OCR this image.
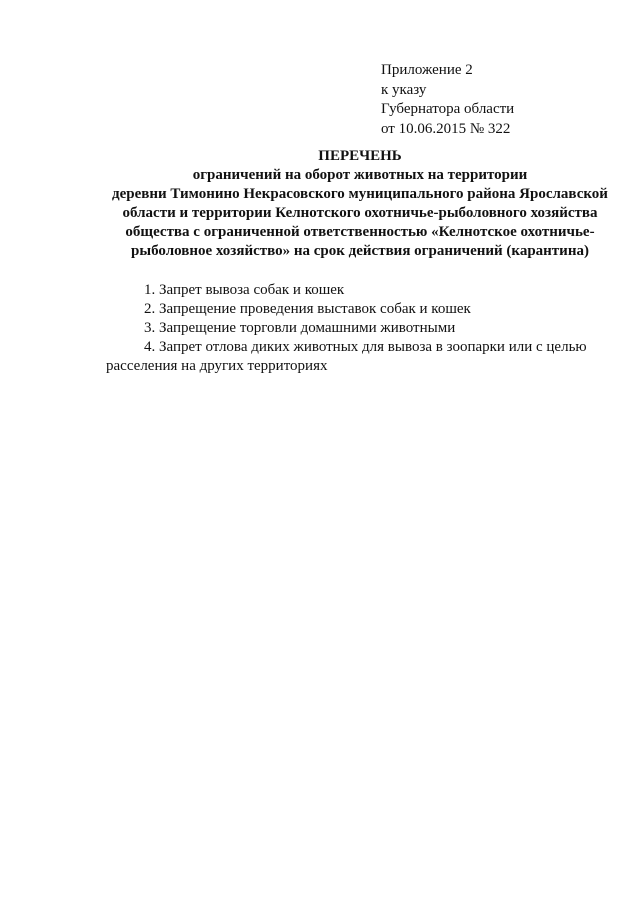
Приложение 2
к указу
Губернатора области
от 10.06.2015 № 322
ПЕРЕЧЕНЬ
ограничений на оборот животных на территории
деревни Тимонино Некрасовского муниципального района Ярославской
области и территории Келнотского охотничье-рыболовного хозяйства
общества с ограниченной ответственностью «Келнотское охотничье-
рыболовное хозяйство» на срок действия ограничений (карантина)
1. Запрет вывоза собак и кошек
2. Запрещение проведения выставок собак и кошек
3. Запрещение торговли домашними животными
4. Запрет отлова диких животных для вывоза в зоопарки или с целью расселения на других территориях
